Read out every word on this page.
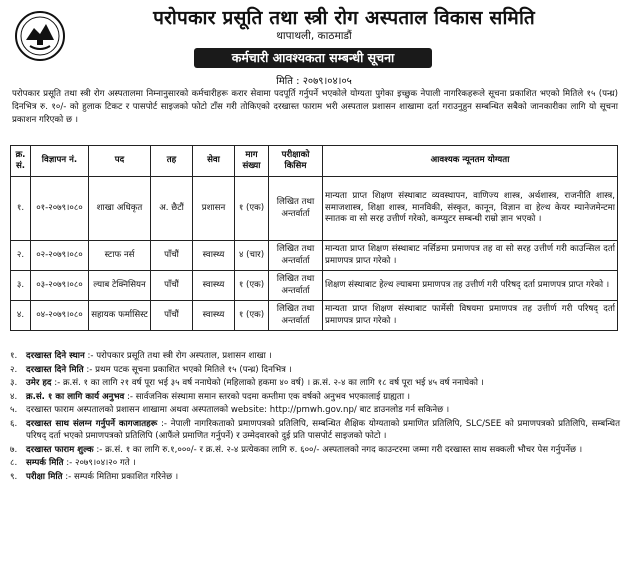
परोपकार प्रसूति तथा स्त्री रोग अस्पताल विकास समिति
थापाथली, काठमाडौं
कर्मचारी आवश्यकता सम्बन्धी सूचना
मिति : २०७९।०४।०५
परोपकार प्रसूति तथा स्त्री रोग अस्पतालमा निम्नानुसारको कर्मचारीहरू करार सेवामा पदपूर्ति गर्नुपर्ने भएकोले योग्यता पुगेका इच्छुक नेपाली नागरिकहरूले सूचना प्रकाशित भएको मितिले १५ (पन्ध्र) दिनभित्र रु. १०/- को हुलाक टिकट र पासपोर्ट साइजको फोटो टाँस गरी तोकिएको दरखास्त फाराम भरी अस्पताल प्रशासन शाखामा दर्ता गराउनुहुन सम्बन्धित सबैको जानकारीका लागि यो सूचना प्रकाशन गरिएको छ ।
क्र. सं.	विज्ञापन नं.	पद	तह	सेवा	माग संख्या	परीक्षाको किसिम	आवश्यक न्यूनतम योग्यता
१.	०१-२०७९।०८०	शाखा अधिकृत	अ. छैटौं	प्रशासन	१ (एक)	लिखित तथा अन्तर्वार्ता	मान्यता प्राप्त शिक्षण संस्थाबाट व्यवस्थापन, वाणिज्य शास्त्र, अर्थशास्त्र, राजनीति शास्त्र, समाजशास्त्र, शिक्षा शास्त्र, मानविकी, संस्कृत, कानून, विज्ञान वा हेल्थ केयर म्यानेजमेन्टमा स्नातक वा सो सरह उत्तीर्ण गरेको, कम्प्युटर सम्बन्धी राम्रो ज्ञान भएको ।
२.	०२-२०७९।०८०	स्टाफ नर्स	पाँचौं	स्वास्थ्य	४ (चार)	लिखित तथा अन्तर्वार्ता	मान्यता प्राप्त शिक्षण संस्थाबाट नर्सिङमा प्रमाणपत्र तह वा सो सरह उत्तीर्ण गरी काउन्सिल दर्ता प्रमाणपत्र प्राप्त गरेको ।
३.	०३-२०७९।०८०	ल्याब टेक्निसियन	पाँचौं	स्वास्थ्य	१ (एक)	लिखित तथा अन्तर्वार्ता	शिक्षण संस्थाबाट हेल्थ ल्याबमा प्रमाणपत्र तह उत्तीर्ण गरी परिषद् दर्ता प्रमाणपत्र प्राप्त गरेको ।
४.	०४-२०७९।०८०	सहायक फर्मासिस्ट	पाँचौं	स्वास्थ्य	१ (एक)	लिखित तथा अन्तर्वार्ता	मान्यता प्राप्त शिक्षण संस्थाबाट फार्मेसी विषयमा प्रमाणपत्र तह उत्तीर्ण गरी परिषद् दर्ता प्रमाणपत्र प्राप्त गरेको ।
१.	दरखास्त दिने स्थान :- परोपकार प्रसूति तथा स्त्री रोग अस्पताल, प्रशासन शाखा ।
२.	दरखास्त दिने मिति :- प्रथम पटक सूचना प्रकाशित भएको मितिले १५ (पन्ध्र) दिनभित्र ।
३.	उमेर हद :- क्र.सं. १ का लागि २१ वर्ष पूरा भई ३५ वर्ष ननाघेको (महिलाको हकमा ४० वर्ष) । क्र.सं. २-४ का लागि १८ वर्ष पूरा भई ४५ वर्ष ननाघेको ।
४.	क्र.सं. १ का लागि कार्य अनुभव :- सार्वजनिक संस्थामा समान स्तरको पदमा कम्तीमा एक वर्षको अनुभव भएकालाई ग्राह्यता ।
५.	दरखास्त फाराम अस्पतालको प्रशासन शाखामा अथवा अस्पतालको website: http://pmwh.gov.np/ बाट डाउनलोड गर्न सकिनेछ ।
६.	दरखास्त साथ संलग्न गर्नुपर्ने कागजातहरू :- नेपाली नागरिकताको प्रमाणपत्रको प्रतिलिपि, सम्बन्धित शैक्षिक योग्यताको प्रमाणित प्रतिलिपि, SLC/SEE को प्रमाणपत्रको प्रतिलिपि, सम्बन्धित परिषद् दर्ता भएको प्रमाणपत्रको प्रतिलिपि (आफैंले प्रमाणित गर्नुपर्ने) र उम्मेदवारको दुई प्रति पासपोर्ट साइजको फोटो ।
७.	दरखास्त फाराम शुल्क :- क्र.सं. १ का लागि रु.१,०००/- र क्र.सं. २-४ प्रत्येकका लागि रु. ६००/- अस्पतालको नगद काउन्टरमा जम्मा गरी दरखास्त साथ सक्कली भौचर पेस गर्नुपर्नेछ ।
८.	सम्पर्क मिति :- २०७९।०४।२० गते ।
९.	परीक्षा मिति :- सम्पर्क मितिमा प्रकाशित गरिनेछ ।
